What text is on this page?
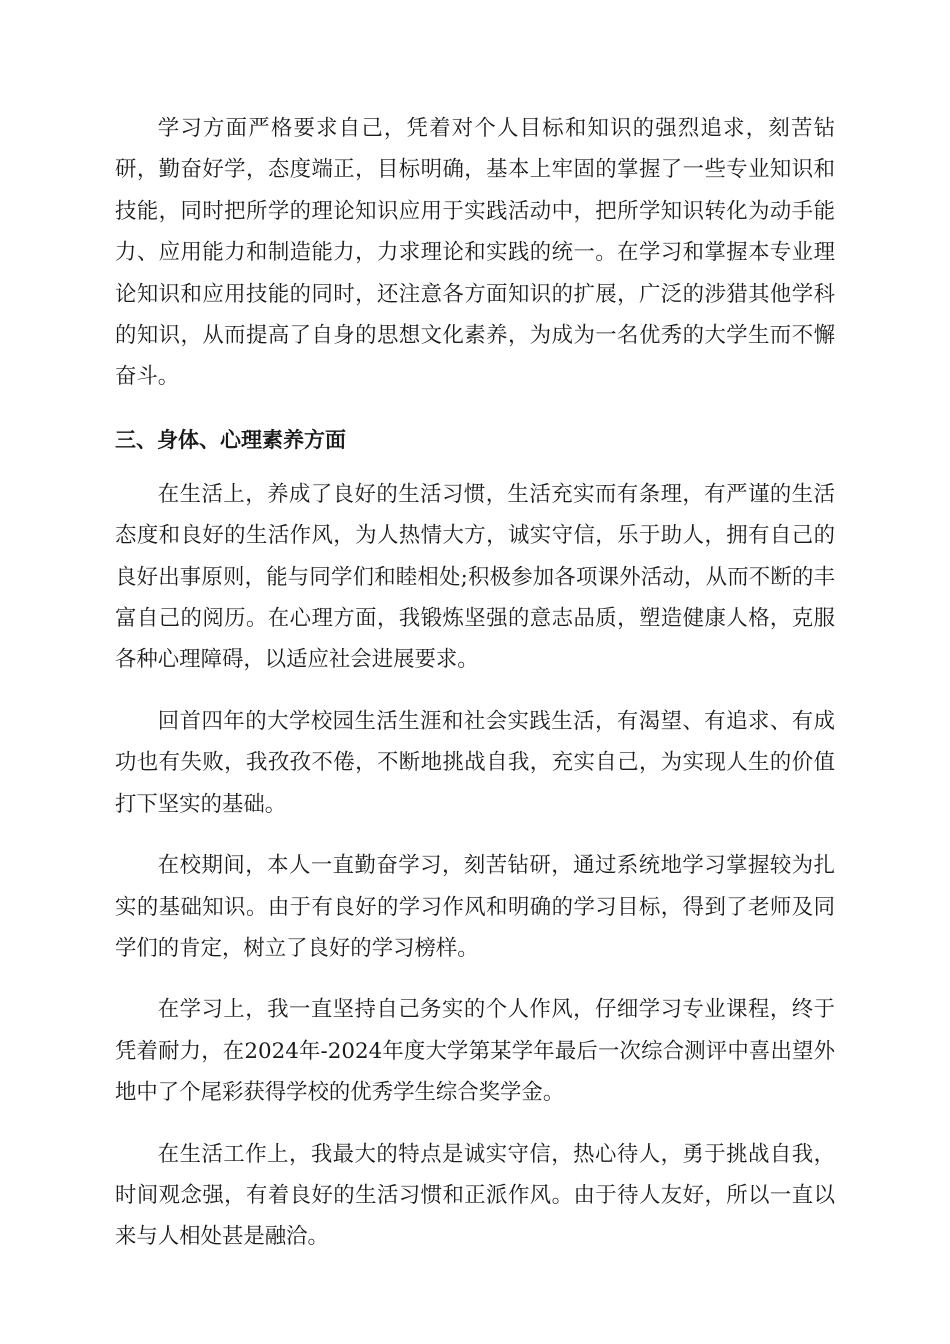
学习方面严格要求自己，凭着对个人目标和知识的强烈追求，刻苦钻研，勤奋好学，态度端正，目标明确，基本上牢固的掌握了一些专业知识和技能，同时把所学的理论知识应用于实践活动中，把所学知识转化为动手能力、应用能力和制造能力，力求理论和实践的统一。在学习和掌握本专业理论知识和应用技能的同时，还注意各方面知识的扩展，广泛的涉猎其他学科的知识，从而提高了自身的思想文化素养，为成为一名优秀的大学生而不懈奋斗。

三、身体、心理素养方面

在生活上，养成了良好的生活习惯，生活充实而有条理，有严谨的生活态度和良好的生活作风，为人热情大方，诚实守信，乐于助人，拥有自己的良好出事原则，能与同学们和睦相处;积极参加各项课外活动，从而不断的丰富自己的阅历。在心理方面，我锻炼坚强的意志品质，塑造健康人格，克服各种心理障碍，以适应社会进展要求。

回首四年的大学校园生活生涯和社会实践生活，有渴望、有追求、有成功也有失败，我孜孜不倦，不断地挑战自我，充实自己，为实现人生的价值打下坚实的基础。

在校期间，本人一直勤奋学习，刻苦钻研，通过系统地学习掌握较为扎实的基础知识。由于有良好的学习作风和明确的学习目标，得到了老师及同学们的肯定，树立了良好的学习榜样。

在学习上，我一直坚持自己务实的个人作风，仔细学习专业课程，终于凭着耐力，在2024年-2024年度大学第某学年最后一次综合测评中喜出望外地中了个尾彩获得学校的优秀学生综合奖学金。

在生活工作上，我最大的特点是诚实守信，热心待人，勇于挑战自我，时间观念强，有着良好的生活习惯和正派作风。由于待人友好，所以一直以来与人相处甚是融洽。
